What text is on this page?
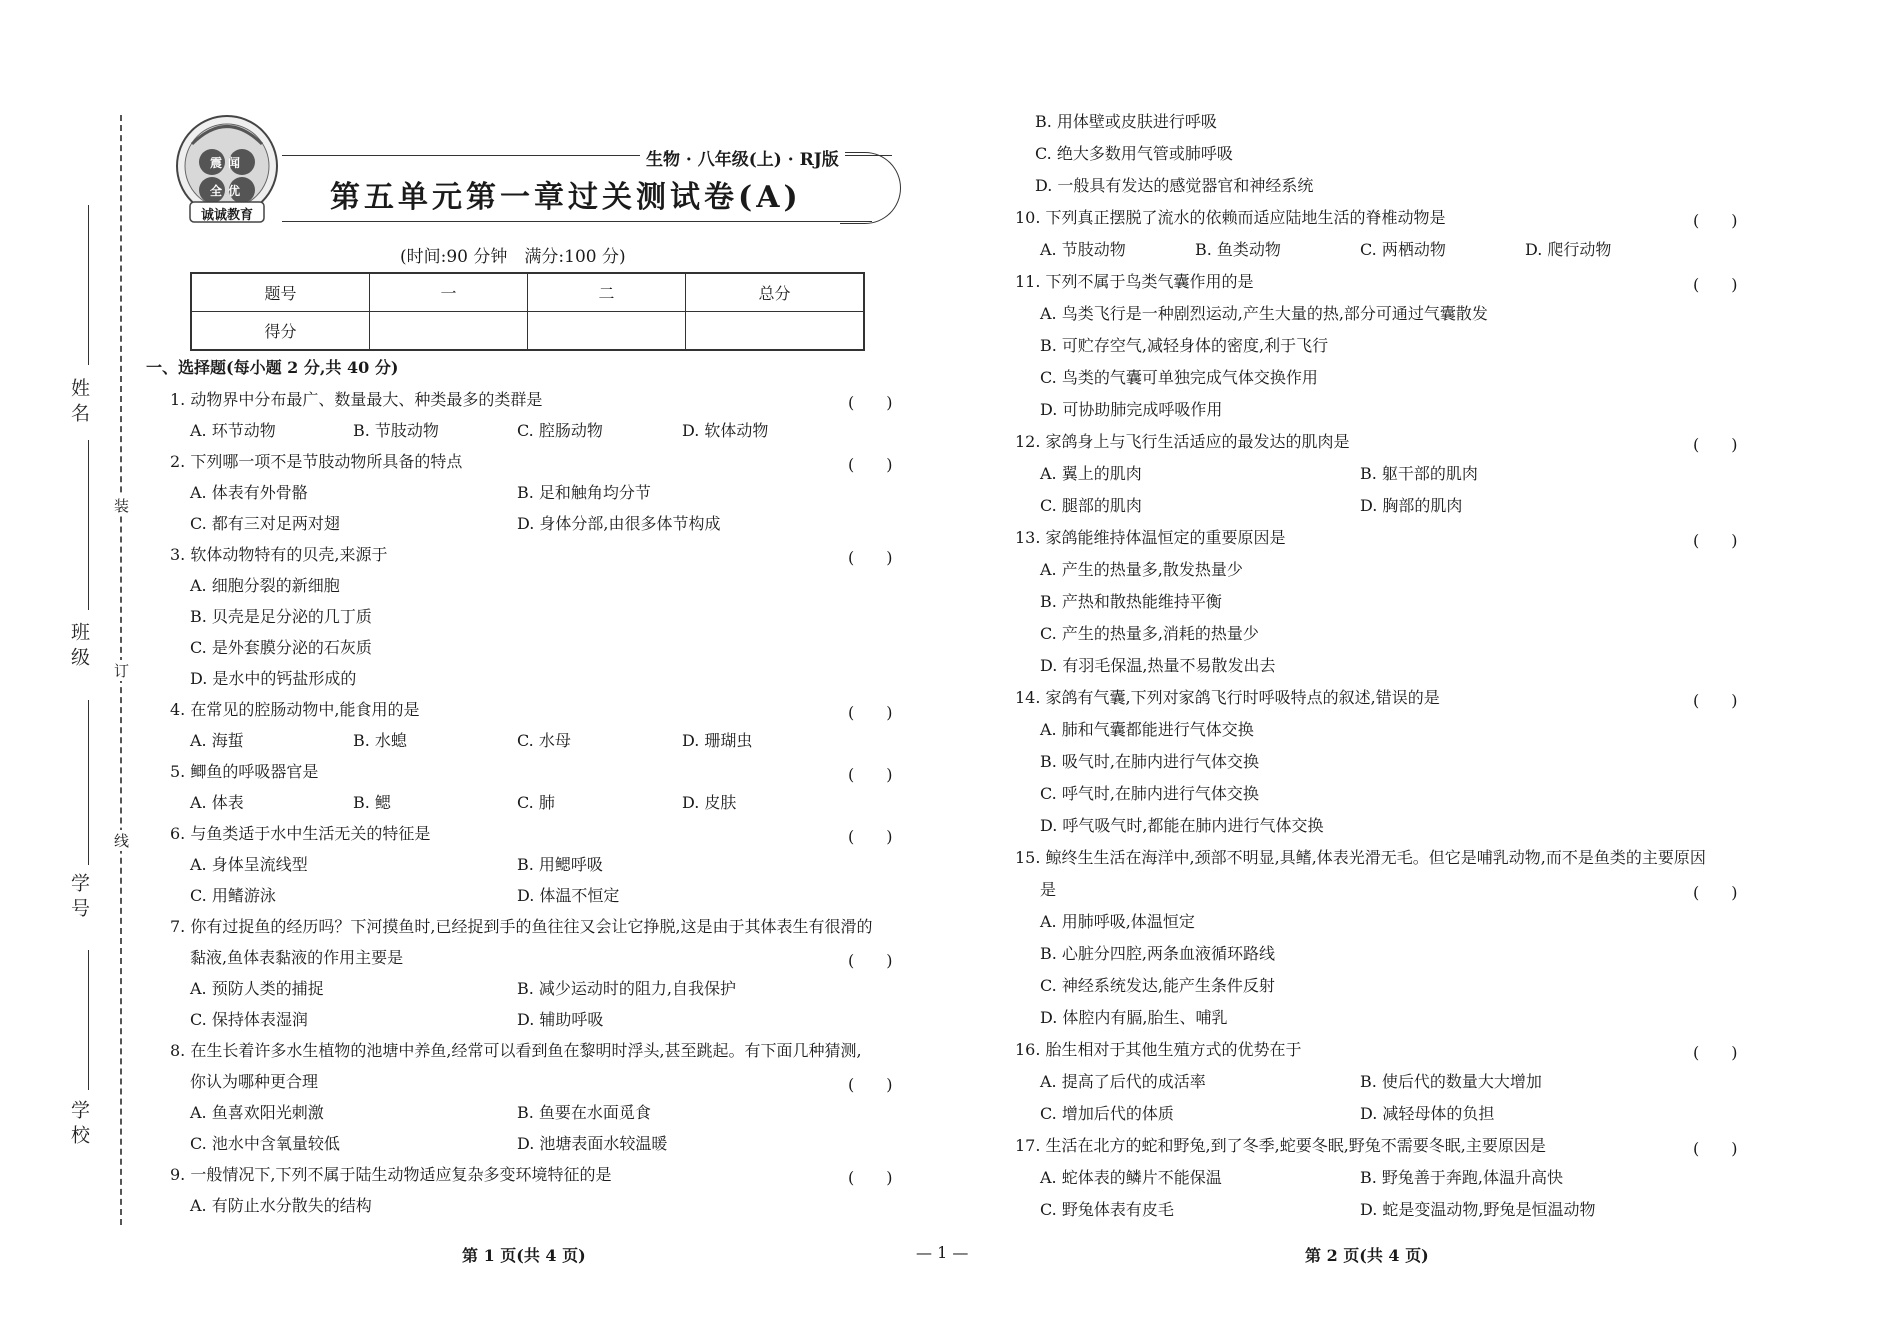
装
订
线
姓名
班级
学号
学校
震闻
全优
诚诚教育
生物 · 八年级(上) · RJ版
第五单元第一章过关测试卷(A)
(时间:90 分钟　满分:100 分)
题号	一	二	总分
得分			
一、选择题(每小题 2 分,共 40 分)
1. 动物界中分布最广、数量最大、种类最多的类群是	(　　)
A. 环节动物	B. 节肢动物	C. 腔肠动物	D. 软体动物
2. 下列哪一项不是节肢动物所具备的特点	(　　)
A. 体表有外骨骼	B. 足和触角均分节
C. 都有三对足两对翅	D. 身体分部,由很多体节构成
3. 软体动物特有的贝壳,来源于	(　　)
A. 细胞分裂的新细胞
B. 贝壳是足分泌的几丁质
C. 是外套膜分泌的石灰质
D. 是水中的钙盐形成的
4. 在常见的腔肠动物中,能食用的是	(　　)
A. 海蜇	B. 水螅	C. 水母	D. 珊瑚虫
5. 鲫鱼的呼吸器官是	(　　)
A. 体表	B. 鳃	C. 肺	D. 皮肤
6. 与鱼类适于水中生活无关的特征是	(　　)
A. 身体呈流线型	B. 用鳃呼吸
C. 用鳍游泳	D. 体温不恒定
7. 你有过捉鱼的经历吗？下河摸鱼时,已经捉到手的鱼往往又会让它挣脱,这是由于其体表生有很滑的
黏液,鱼体表黏液的作用主要是	(　　)
A. 预防人类的捕捉	B. 减少运动时的阻力,自我保护
C. 保持体表湿润	D. 辅助呼吸
8. 在生长着许多水生植物的池塘中养鱼,经常可以看到鱼在黎明时浮头,甚至跳起。有下面几种猜测,
你认为哪种更合理	(　　)
A. 鱼喜欢阳光刺激	B. 鱼要在水面觅食
C. 池水中含氧量较低	D. 池塘表面水较温暖
9. 一般情况下,下列不属于陆生动物适应复杂多变环境特征的是	(　　)
A. 有防止水分散失的结构
B. 用体壁或皮肤进行呼吸
C. 绝大多数用气管或肺呼吸
D. 一般具有发达的感觉器官和神经系统
10. 下列真正摆脱了流水的依赖而适应陆地生活的脊椎动物是	(　　)
A. 节肢动物	B. 鱼类动物	C. 两栖动物	D. 爬行动物
11. 下列不属于鸟类气囊作用的是	(　　)
A. 鸟类飞行是一种剧烈运动,产生大量的热,部分可通过气囊散发
B. 可贮存空气,减轻身体的密度,利于飞行
C. 鸟类的气囊可单独完成气体交换作用
D. 可协助肺完成呼吸作用
12. 家鸽身上与飞行生活适应的最发达的肌肉是	(　　)
A. 翼上的肌肉	B. 躯干部的肌肉
C. 腿部的肌肉	D. 胸部的肌肉
13. 家鸽能维持体温恒定的重要原因是	(　　)
A. 产生的热量多,散发热量少
B. 产热和散热能维持平衡
C. 产生的热量多,消耗的热量少
D. 有羽毛保温,热量不易散发出去
14. 家鸽有气囊,下列对家鸽飞行时呼吸特点的叙述,错误的是	(　　)
A. 肺和气囊都能进行气体交换
B. 吸气时,在肺内进行气体交换
C. 呼气时,在肺内进行气体交换
D. 呼气吸气时,都能在肺内进行气体交换
15. 鲸终生生活在海洋中,颈部不明显,具鳍,体表光滑无毛。但它是哺乳动物,而不是鱼类的主要原因
是	(　　)
A. 用肺呼吸,体温恒定
B. 心脏分四腔,两条血液循环路线
C. 神经系统发达,能产生条件反射
D. 体腔内有膈,胎生、哺乳
16. 胎生相对于其他生殖方式的优势在于	(　　)
A. 提高了后代的成活率	B. 使后代的数量大大增加
C. 增加后代的体质	D. 减轻母体的负担
17. 生活在北方的蛇和野兔,到了冬季,蛇要冬眠,野兔不需要冬眠,主要原因是	(　　)
A. 蛇体表的鳞片不能保温	B. 野兔善于奔跑,体温升高快
C. 野兔体表有皮毛	D. 蛇是变温动物,野兔是恒温动物
第 1 页(共 4 页)	— 1 —	第 2 页(共 4 页)
